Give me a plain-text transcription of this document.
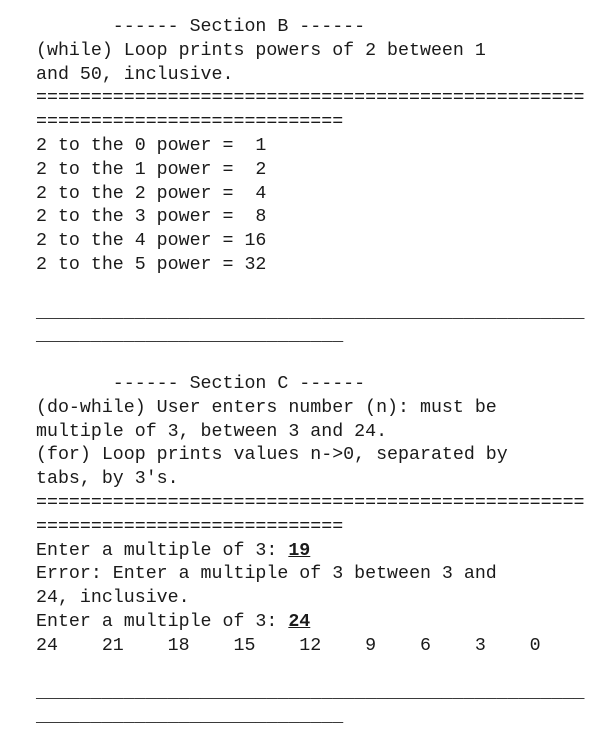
------ Section B ------
(while) Loop prints powers of 2 between 1
and 50, inclusive.
==================================================
============================
2 to the 0 power =  1
2 to the 1 power =  2
2 to the 2 power =  4
2 to the 3 power =  8
2 to the 4 power = 16
2 to the 5 power = 32
__________________________________________________
____________________________
------ Section C ------
(do-while) User enters number (n): must be
multiple of 3, between 3 and 24.
(for) Loop prints values n->0, separated by
tabs, by 3's.
==================================================
============================
Enter a multiple of 3: 19
Error: Enter a multiple of 3 between 3 and
24, inclusive.
Enter a multiple of 3: 24
24    21    18    15    12    9    6    3    0
__________________________________________________
____________________________
